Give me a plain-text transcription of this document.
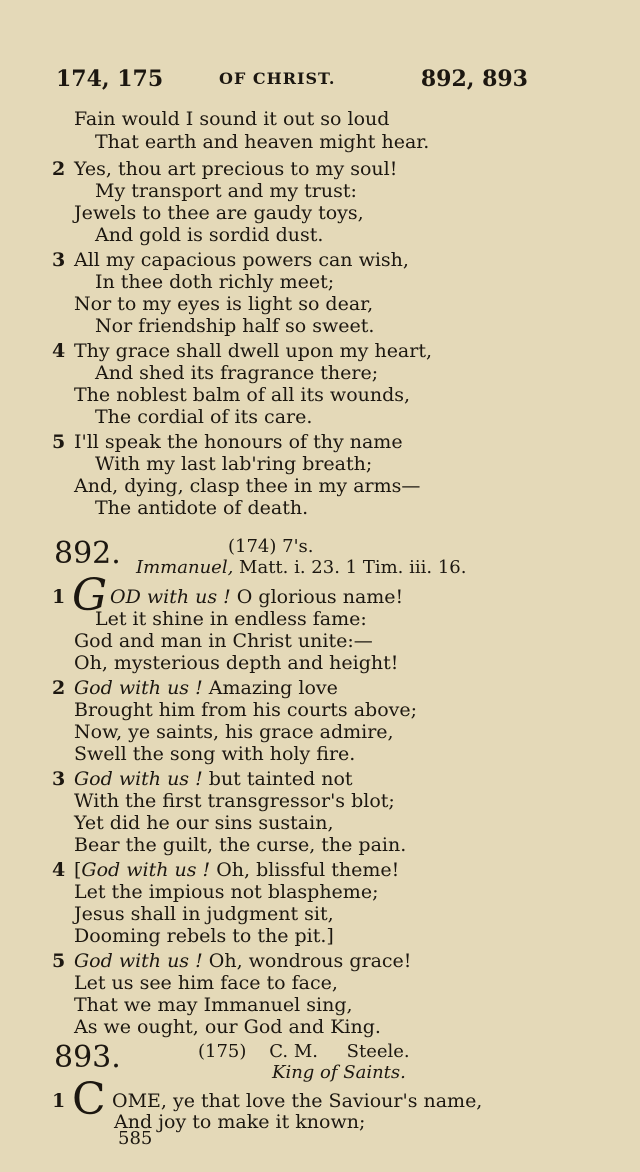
174, 175	OF CHRIST.	892, 893
Fain would I sound it out so loud
That earth and heaven might hear.
2 Yes, thou art precious to my soul!
My transport and my trust:
Jewels to thee are gaudy toys,
And gold is sordid dust.
3 All my capacious powers can wish,
In thee doth richly meet;
Nor to my eyes is light so dear,
Nor friendship half so sweet.
4 Thy grace shall dwell upon my heart,
And shed its fragrance there;
The noblest balm of all its wounds,
The cordial of its care.
5 I'll speak the honours of thy name
With my last lab'ring breath;
And, dying, clasp thee in my arms—
The antidote of death.
892.	(174) 7's.
Immanuel, Matt. i. 23. 1 Tim. iii. 16.
1 G OD with us ! O glorious name!
Let it shine in endless fame:
God and man in Christ unite:—
Oh, mysterious depth and height!
2 God with us ! Amazing love
Brought him from his courts above;
Now, ye saints, his grace admire,
Swell the song with holy fire.
3 God with us ! but tainted not
With the first transgressor's blot;
Yet did he our sins sustain,
Bear the guilt, the curse, the pain.
4 [God with us ! Oh, blissful theme!
Let the impious not blaspheme;
Jesus shall in judgment sit,
Dooming rebels to the pit.]
5 God with us ! Oh, wondrous grace!
Let us see him face to face,
That we may Immanuel sing,
As we ought, our God and King.
893.	(175)    C. M.     Steele.
King of Saints.
1 C OME, ye that love the Saviour's name,
And joy to make it known;
585
